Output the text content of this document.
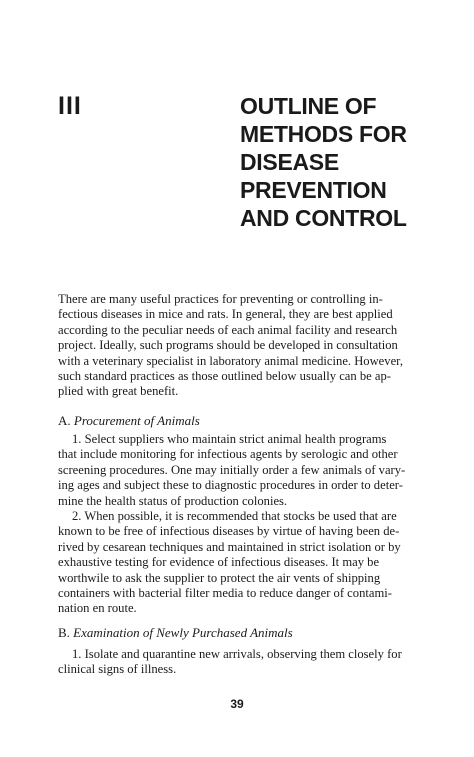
III	OUTLINE OF
METHODS FOR
DISEASE
PREVENTION
AND CONTROL
There are many useful practices for preventing or controlling in-
fectious diseases in mice and rats. In general, they are best applied
according to the peculiar needs of each animal facility and research
project. Ideally, such programs should be developed in consultation
with a veterinary specialist in laboratory animal medicine. However,
such standard practices as those outlined below usually can be ap-
plied with great benefit.
A. Procurement of Animals
1. Select suppliers who maintain strict animal health programs
that include monitoring for infectious agents by serologic and other
screening procedures. One may initially order a few animals of vary-
ing ages and subject these to diagnostic procedures in order to deter-
mine the health status of production colonies.
2. When possible, it is recommended that stocks be used that are
known to be free of infectious diseases by virtue of having been de-
rived by cesarean techniques and maintained in strict isolation or by
exhaustive testing for evidence of infectious diseases. It may be
worthwile to ask the supplier to protect the air vents of shipping
containers with bacterial filter media to reduce danger of contami-
nation en route.
B. Examination of Newly Purchased Animals
1. Isolate and quarantine new arrivals, observing them closely for
clinical signs of illness.
39
